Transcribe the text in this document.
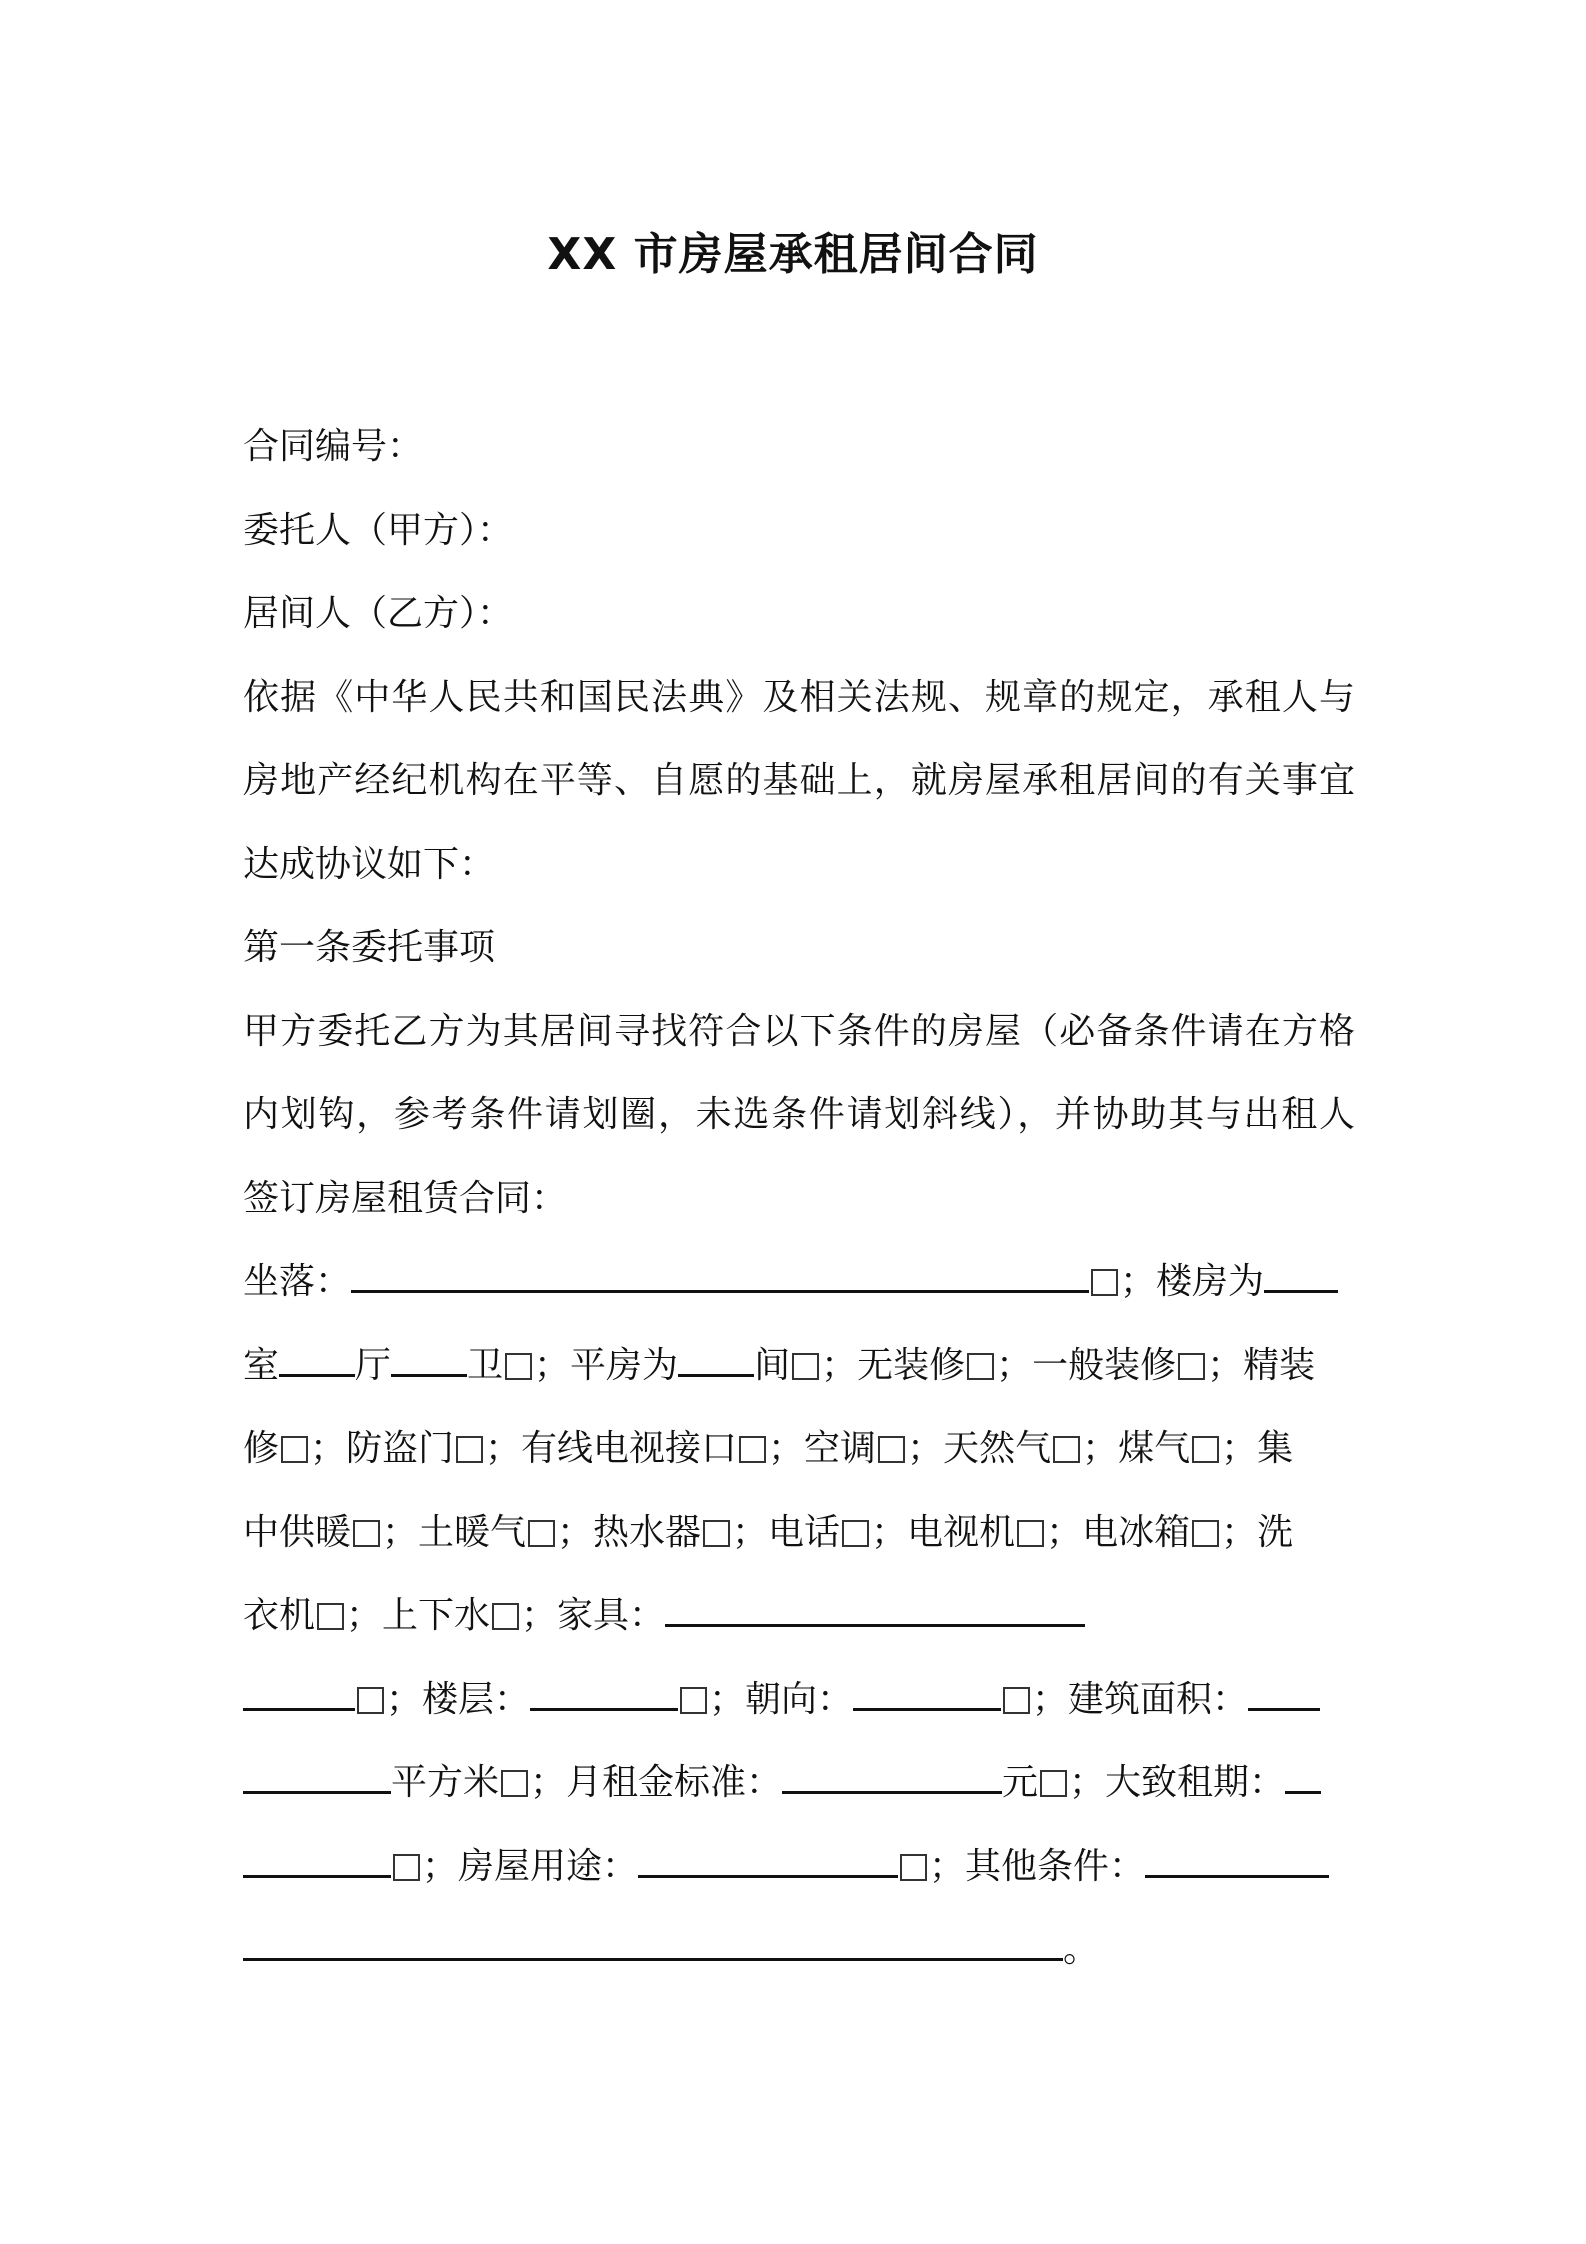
XX 市房屋承租居间合同

合同编号：

委托人（甲方）：

居间人（乙方）：

依据《中华人民共和国民法典》及相关法规、规章的规定，承租人与

房地产经纪机构在平等、自愿的基础上，就房屋承租居间的有关事宜

达成协议如下：

第一条委托事项

甲方委托乙方为其居间寻找符合以下条件的房屋（必备条件请在方格

内划钩，参考条件请划圈，未选条件请划斜线），并协助其与出租人

签订房屋租赁合同：

坐落：	；楼房为

室 厅 卫 ；平房为 间 ；无装修 ；一般装修 ；精装

修 ；防盗门 ；有线电视接口 ；空调 ；天然气 ；煤气 ；集

中供暖 ；土暖气 ；热水器 ；电话 ；电视机 ；电冰箱 ；洗

衣机 ；上下水 ；家具：

；楼层：	；朝向：	；建筑面积：

平方米 ；月租金标准：	元 ；大致租期：

；房屋用途：	；其他条件：

。
